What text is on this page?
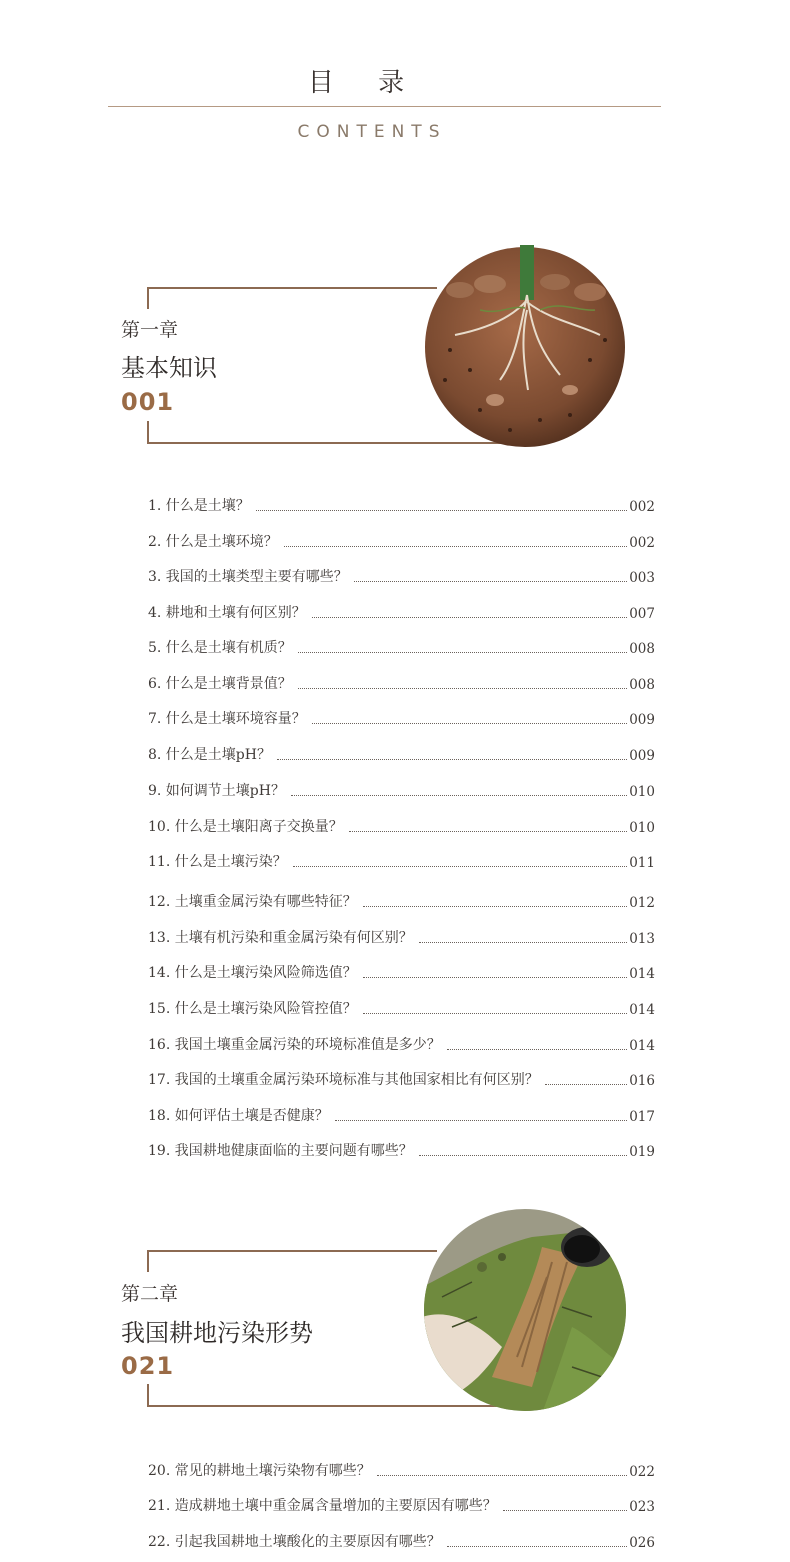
目 录
CONTENTS
第一章
基本知识
001
1. 什么是土壤？	002
2. 什么是土壤环境？	002
3. 我国的土壤类型主要有哪些？	003
4. 耕地和土壤有何区别？	007
5. 什么是土壤有机质？	008
6. 什么是土壤背景值？	008
7. 什么是土壤环境容量？	009
8. 什么是土壤pH？	009
9. 如何调节土壤pH？	010
10. 什么是土壤阳离子交换量？	010
11. 什么是土壤污染？	011
12. 土壤重金属污染有哪些特征？	012
13. 土壤有机污染和重金属污染有何区别？	013
14. 什么是土壤污染风险筛选值？	014
15. 什么是土壤污染风险管控值？	014
16. 我国土壤重金属污染的环境标准值是多少？	014
17. 我国的土壤重金属污染环境标准与其他国家相比有何区别？	016
18. 如何评估土壤是否健康？	017
19. 我国耕地健康面临的主要问题有哪些？	019
第二章
我国耕地污染形势
021
20. 常见的耕地土壤污染物有哪些？	022
21. 造成耕地土壤中重金属含量增加的主要原因有哪些？	023
22. 引起我国耕地土壤酸化的主要原因有哪些？	026
